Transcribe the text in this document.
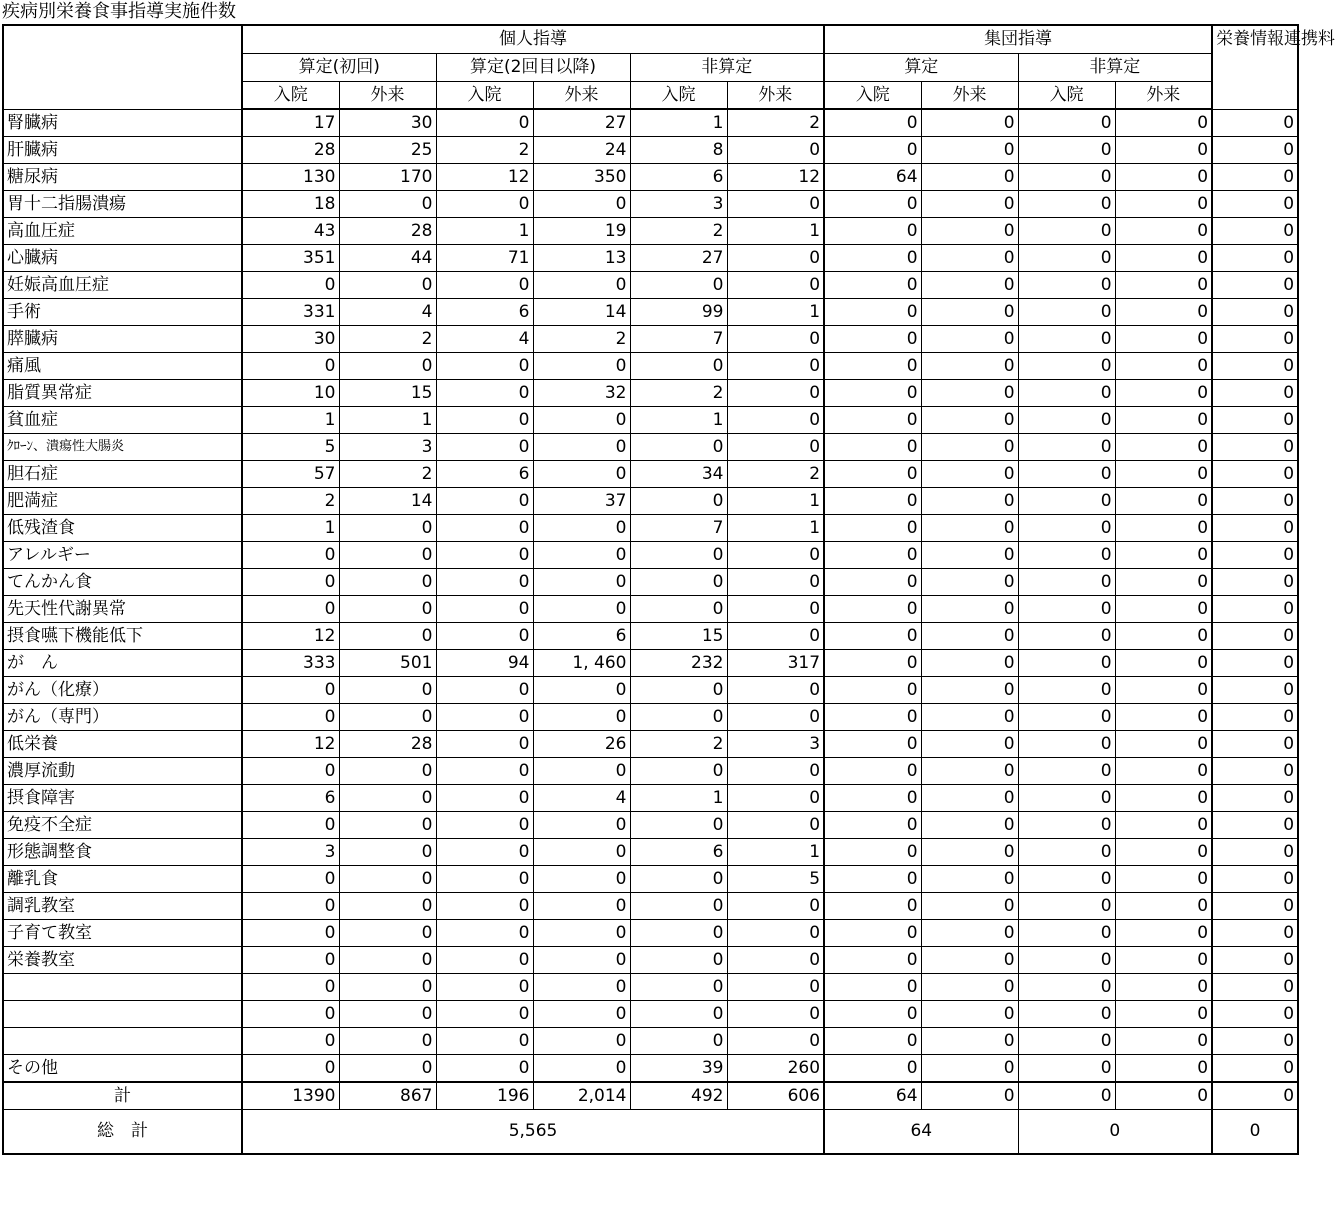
疾病別栄養食事指導実施件数
	個人指導						集団指導				栄養情報連携料
	算定(初回)		算定(2回目以降)		非算定		算定		非算定		
	入院	外来	入院	外来	入院	外来	入院	外来	入院	外来	
腎臓病	17	30	0	27	1	2	0	0	0	0	0
肝臓病	28	25	2	24	8	0	0	0	0	0	0
糖尿病	130	170	12	350	6	12	64	0	0	0	0
胃十二指腸潰瘍	18	0	0	0	3	0	0	0	0	0	0
高血圧症	43	28	1	19	2	1	0	0	0	0	0
心臓病	351	44	71	13	27	0	0	0	0	0	0
妊娠高血圧症	0	0	0	0	0	0	0	0	0	0	0
手術	331	4	6	14	99	1	0	0	0	0	0
膵臓病	30	2	4	2	7	0	0	0	0	0	0
痛風	0	0	0	0	0	0	0	0	0	0	0
脂質異常症	10	15	0	32	2	0	0	0	0	0	0
貧血症	1	1	0	0	1	0	0	0	0	0	0
ｸﾛｰﾝ、潰瘍性大腸炎	5	3	0	0	0	0	0	0	0	0	0
胆石症	57	2	6	0	34	2	0	0	0	0	0
肥満症	2	14	0	37	0	1	0	0	0	0	0
低残渣食	1	0	0	0	7	1	0	0	0	0	0
アレルギー	0	0	0	0	0	0	0	0	0	0	0
てんかん食	0	0	0	0	0	0	0	0	0	0	0
先天性代謝異常	0	0	0	0	0	0	0	0	0	0	0
摂食嚥下機能低下	12	0	0	6	15	0	0	0	0	0	0
が　ん	333	501	94	1, 460	232	317	0	0	0	0	0
がん（化療）	0	0	0	0	0	0	0	0	0	0	0
がん（専門）	0	0	0	0	0	0	0	0	0	0	0
低栄養	12	28	0	26	2	3	0	0	0	0	0
濃厚流動	0	0	0	0	0	0	0	0	0	0	0
摂食障害	6	0	0	4	1	0	0	0	0	0	0
免疫不全症	0	0	0	0	0	0	0	0	0	0	0
形態調整食	3	0	0	0	6	1	0	0	0	0	0
離乳食	0	0	0	0	0	5	0	0	0	0	0
調乳教室	0	0	0	0	0	0	0	0	0	0	0
子育て教室	0	0	0	0	0	0	0	0	0	0	0
栄養教室	0	0	0	0	0	0	0	0	0	0	0
	0	0	0	0	0	0	0	0	0	0	0
	0	0	0	0	0	0	0	0	0	0	0
	0	0	0	0	0	0	0	0	0	0	0
その他	0	0	0	0	39	260	0	0	0	0	0
計	1390	867	196	2,014	492	606	64	0	0	0	0
総　計	5,565						64		0		0
